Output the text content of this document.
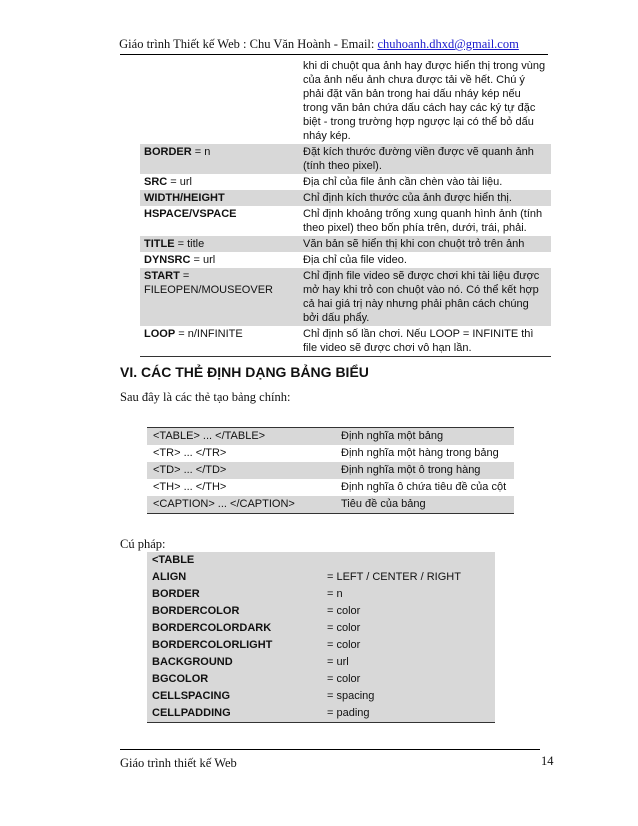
Giáo trình Thiết kế Web : Chu Văn Hoành - Email: chuhoanh.dhxd@gmail.com
	khi di chuột qua ảnh hay được hiển thị trong vùng của ảnh nếu ảnh chưa được tải về hết. Chú ý phải đặt văn bản trong hai dấu nháy kép nếu trong văn bản chứa dấu cách hay các ký tự đặc biệt - trong trường hợp ngược lại có thể bỏ dấu nháy kép.
BORDER = n	Đặt kích thước đường viền được vẽ quanh ảnh (tính theo pixel).
SRC = url	Địa chỉ của file ảnh cần chèn vào tài liệu.
WIDTH/HEIGHT	Chỉ định kích thước của ảnh được hiển thị.
HSPACE/VSPACE	Chỉ định khoảng trống xung quanh hình ảnh (tính theo pixel) theo bốn phía trên, dưới, trái, phải.
TITLE = title	Văn bản sẽ hiển thị khi con chuột trỏ trên ảnh
DYNSRC = url	Địa chỉ của file video.
START = FILEOPEN/MOUSEOVER	Chỉ định file video sẽ được chơi khi tài liệu được mở hay khi trỏ con chuột vào nó. Có thể kết hợp cả hai giá trị này nhưng phải phân cách chúng bởi dấu phẩy.
LOOP = n/INFINITE	Chỉ định số lần chơi. Nếu LOOP = INFINITE thì file video sẽ được chơi vô hạn lần.
VI. CÁC THẺ ĐỊNH DẠNG BẢNG BIỂU
Sau đây là các thẻ tạo bảng chính:
<TABLE> ... </TABLE>	Định nghĩa một bảng
<TR> ... </TR>	Định nghĩa một hàng trong bảng
<TD> ... </TD>	Định nghĩa một ô trong hàng
<TH> ... </TH>	Định nghĩa ô chứa tiêu đề của cột
<CAPTION> ... </CAPTION>	Tiêu đề của bảng
Cú pháp:
<TABLE	
ALIGN	= LEFT / CENTER / RIGHT
BORDER	= n
BORDERCOLOR	= color
BORDERCOLORDARK	= color
BORDERCOLORLIGHT	= color
BACKGROUND	= url
BGCOLOR	= color
CELLSPACING	= spacing
CELLPADDING	= pading
Giáo trình thiết kế Web	14
